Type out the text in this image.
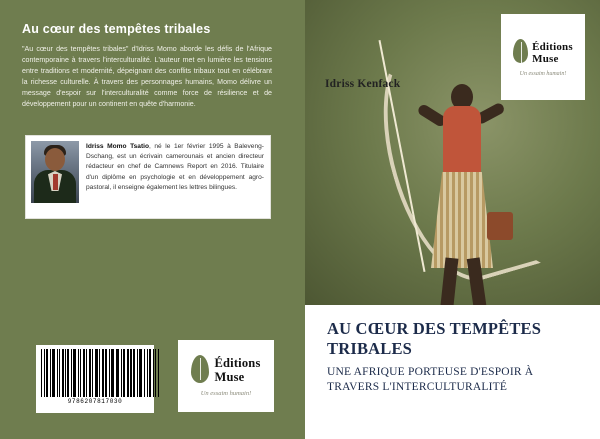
Au cœur des tempêtes tribales
"Au cœur des tempêtes tribales" d'Idriss Momo aborde les défis de l'Afrique contemporaine à travers l'interculturalité. L'auteur met en lumière les tensions entre traditions et modernité, dépeignant des conflits tribaux tout en célébrant la richesse culturelle. À travers des personnages humains, Momo délivre un message d'espoir sur l'interculturalité comme force de résilience et de développement pour un continent en quête d'harmonie.
Idriss Momo Tsatio, né le 1er février 1995 à Baleveng-Dschang, est un écrivain camerounais et ancien directeur rédacteur en chef de Camnews Report en 2016. Titulaire d'un diplôme en psychologie et en développement agro-pastoral, il enseigne également les lettres bilingues.
9786207817030
Éditions
Muse
Un essaim humain!
Éditions
Muse
Un essaim humain!
Idriss Kenfack
AU CŒUR DES TEMPÊTES TRIBALES
UNE AFRIQUE PORTEUSE D'ESPOIR À TRAVERS L'INTERCULTURALITÉ
